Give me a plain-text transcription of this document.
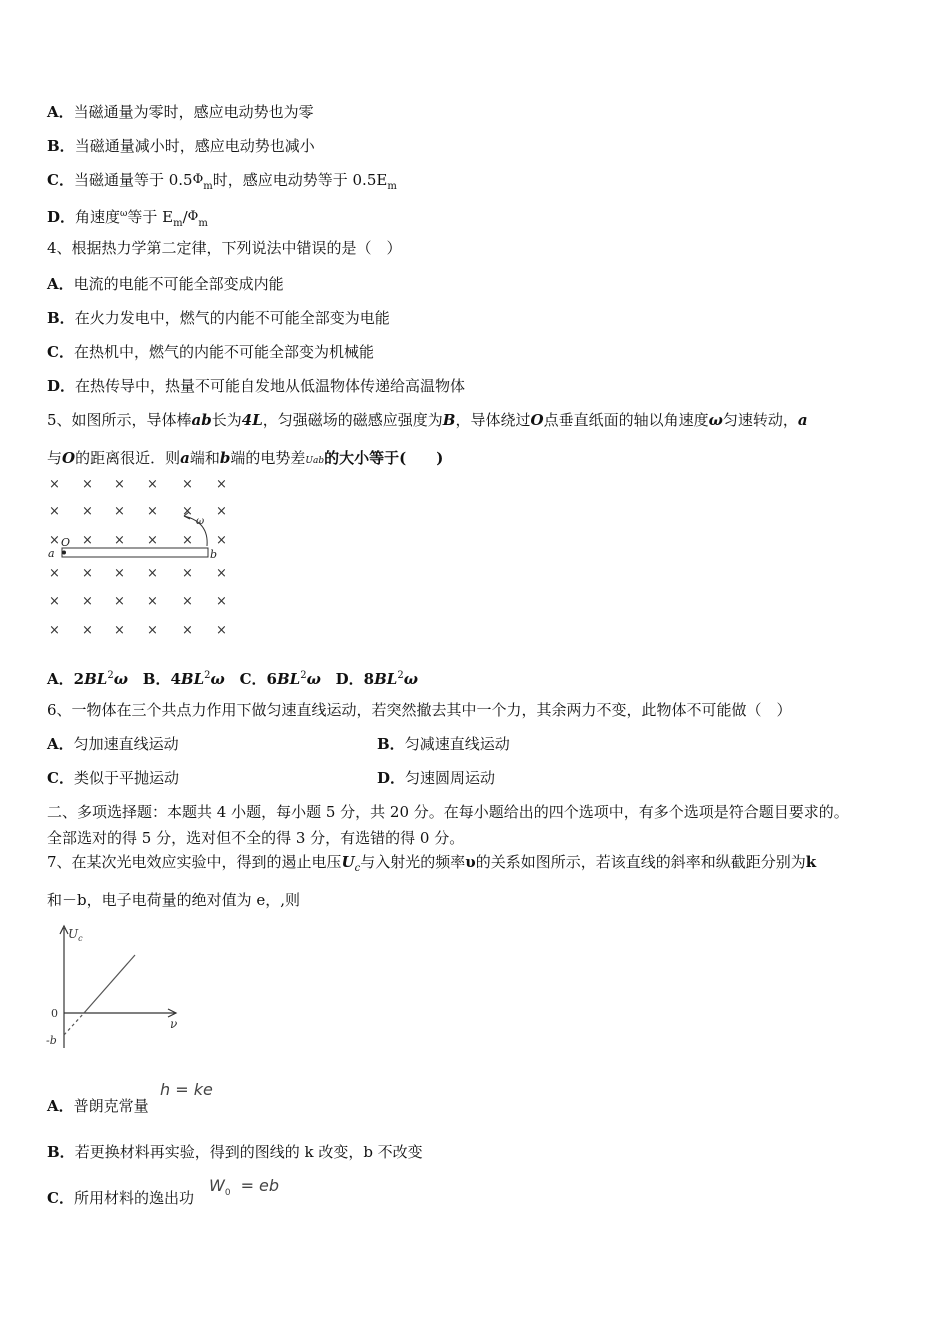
A．当磁通量为零时，感应电动势也为零
B．当磁通量减小时，感应电动势也减小
C．当磁通量等于 $0.5\Phi_m$时，感应电动势等于 $0.5E_m$
D．角速度$^\omega$等于 $E_m/\Phi_m$
4、根据热力学第二定律，下列说法中错误的是（　）
A．电流的电能不可能全部变成内能
B．在火力发电中，燃气的内能不可能全部变为电能
C．在热机中，燃气的内能不可能全部变为机械能
D．在热传导中，热量不可能自发地从低温物体传递给高温物体
5、如图所示，导体棒ab长为4L，匀强磁场的磁感应强度为B，导体绕过O点垂直纸面的轴以角速度ω匀速转动，a
与O的距离很近．则a端和b端的电势差Uab的大小等于(　　)
× × × × × ×
× × × × × ×
× × × × × ×
× × × × × ×
× × × × × ×
× × × × × ×
a
O
b
ω
A．$2BL^2\omega$ B．$4BL^2\omega$ C．$6BL^2\omega$ D．$8BL^2\omega$
6、一物体在三个共点力作用下做匀速直线运动，若突然撤去其中一个力，其余两力不变，此物体不可能做（　）
A．匀加速直线运动	B．匀减速直线运动
C．类似于平抛运动	D．匀速圆周运动
二、多项选择题：本题共 4 小题，每小题 5 分，共 20 分。在每小题给出的四个选项中，有多个选项是符合题目要求的。
全部选对的得 5 分，选对但不全的得 3 分，有选错的得 0 分。
7、在某次光电效应实验中，得到的遏止电压$U_c$与入射光的频率υ的关系如图所示，若该直线的斜率和纵截距分别为k
和－b，电子电荷量的绝对值为 e，,则
$U_c$
ν
0
-b
A．普朗克常量
h = ke
B．若更换材料再实验，得到的图线的 k 改变，b 不改变
C．所用材料的逸出功
$W_0$ = eb
